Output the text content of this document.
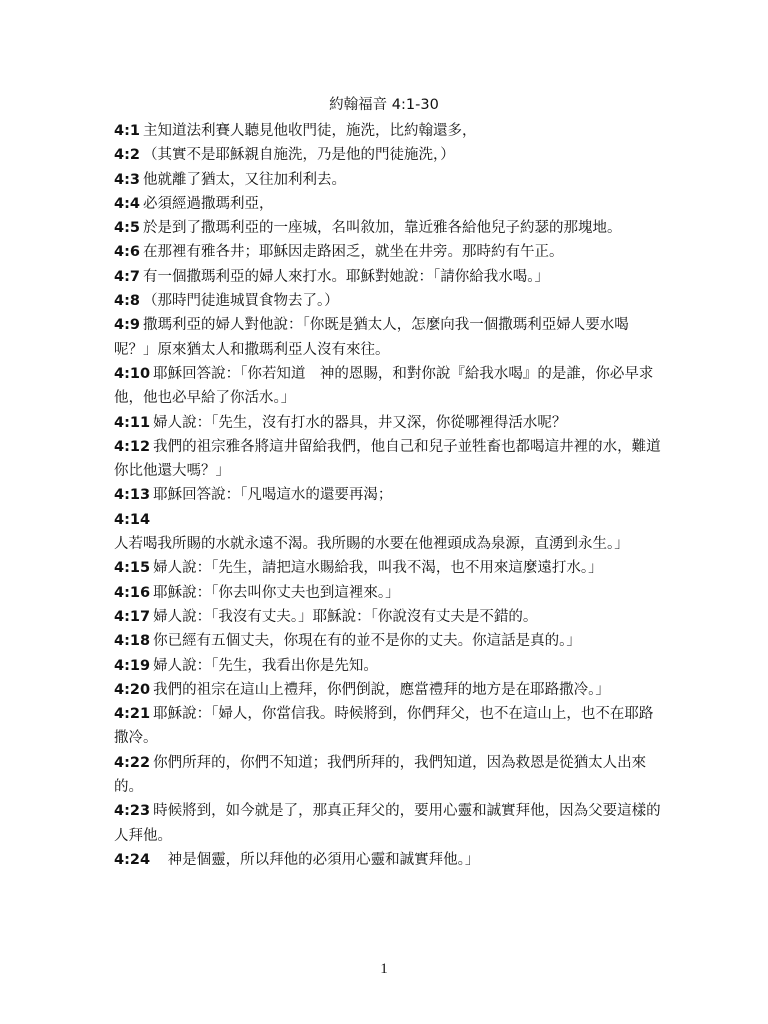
約翰福音 4:1-30

4:1 主知道法利賽人聽見他收門徒，施洗，比約翰還多，

4:2 （其實不是耶穌親自施洗，乃是他的門徒施洗，）

4:3 他就離了猶太，又往加利利去。

4:4 必須經過撒瑪利亞，

4:5 於是到了撒瑪利亞的一座城，名叫敘加，靠近雅各給他兒子約瑟的那塊地。

4:6 在那裡有雅各井；耶穌因走路困乏，就坐在井旁。那時約有午正。

4:7 有一個撒瑪利亞的婦人來打水。耶穌對她說：「請你給我水喝。」

4:8 （那時門徒進城買食物去了。）

4:9 撒瑪利亞的婦人對他說：「你既是猶太人，怎麼向我一個撒瑪利亞婦人要水喝呢？」原來猶太人和撒瑪利亞人沒有來往。

4:10 耶穌回答說：「你若知道　神的恩賜，和對你說『給我水喝』的是誰，你必早求他，他也必早給了你活水。」

4:11 婦人說：「先生，沒有打水的器具，井又深，你從哪裡得活水呢？

4:12 我們的祖宗雅各將這井留給我們，他自己和兒子並牲畜也都喝這井裡的水，難道你比他還大嗎？」

4:13 耶穌回答說：「凡喝這水的還要再渴；

4:14人若喝我所賜的水就永遠不渴。我所賜的水要在他裡頭成為泉源，直湧到永生。」

4:15 婦人說：「先生，請把這水賜給我，叫我不渴，也不用來這麼遠打水。」

4:16 耶穌說：「你去叫你丈夫也到這裡來。」

4:17 婦人說：「我沒有丈夫。」耶穌說：「你說沒有丈夫是不錯的。

4:18 你已經有五個丈夫，你現在有的並不是你的丈夫。你這話是真的。」

4:19 婦人說：「先生，我看出你是先知。

4:20 我們的祖宗在這山上禮拜，你們倒說，應當禮拜的地方是在耶路撒冷。」

4:21 耶穌說：「婦人，你當信我。時候將到，你們拜父，也不在這山上，也不在耶路撒冷。

4:22 你們所拜的，你們不知道；我們所拜的，我們知道，因為救恩是從猶太人出來的。

4:23 時候將到，如今就是了，那真正拜父的，要用心靈和誠實拜他，因為父要這樣的人拜他。

4:24　神是個靈，所以拜他的必須用心靈和誠實拜他。」

1
